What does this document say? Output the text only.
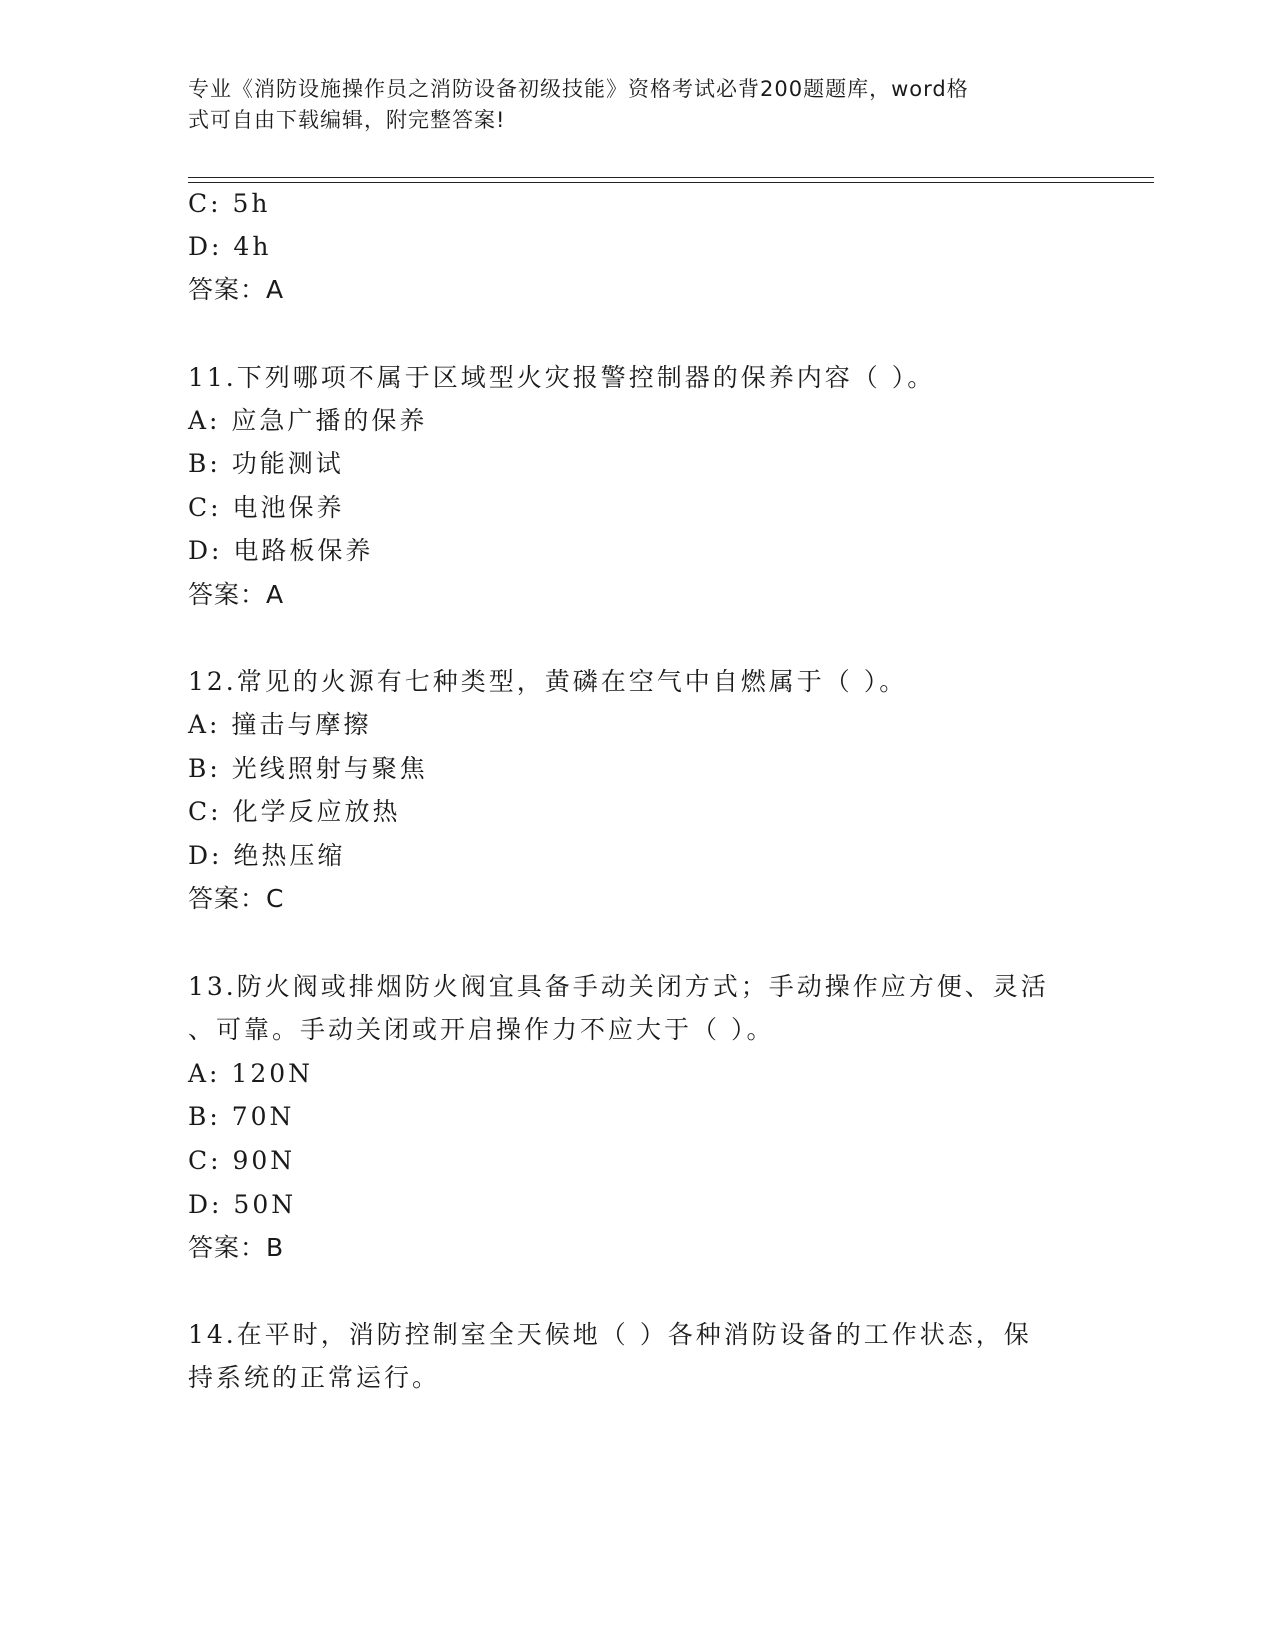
专业《消防设施操作员之消防设备初级技能》资格考试必背200题题库，word格
式可自由下载编辑，附完整答案!
C: 5h
D: 4h
答案：A
11.下列哪项不属于区域型火灾报警控制器的保养内容（ ）。
A: 应急广播的保养
B: 功能测试
C: 电池保养
D: 电路板保养
答案：A
12.常见的火源有七种类型，黄磷在空气中自燃属于（ ）。
A: 撞击与摩擦
B: 光线照射与聚焦
C: 化学反应放热
D: 绝热压缩
答案：C
13.防火阀或排烟防火阀宜具备手动关闭方式；手动操作应方便、灵活
、可靠。手动关闭或开启操作力不应大于（ ）。
A: 120N
B: 70N
C: 90N
D: 50N
答案：B
14.在平时，消防控制室全天候地（ ）各种消防设备的工作状态，保
持系统的正常运行。
